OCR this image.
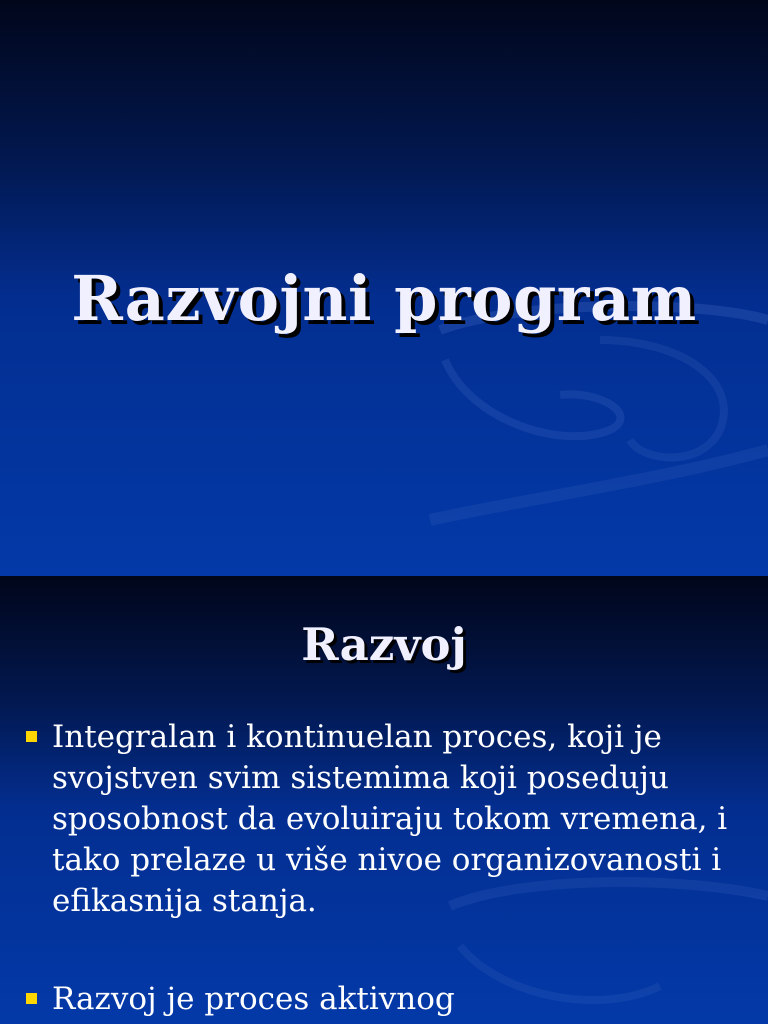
Razvojni program
Razvoj
Integralan i kontinuelan proces, koji je svojstven svim sistemima koji poseduju sposobnost da evoluiraju tokom vremena, i tako prelaze u više nivoe organizovanosti i efikasnija stanja.
Razvoj je proces aktivnog
